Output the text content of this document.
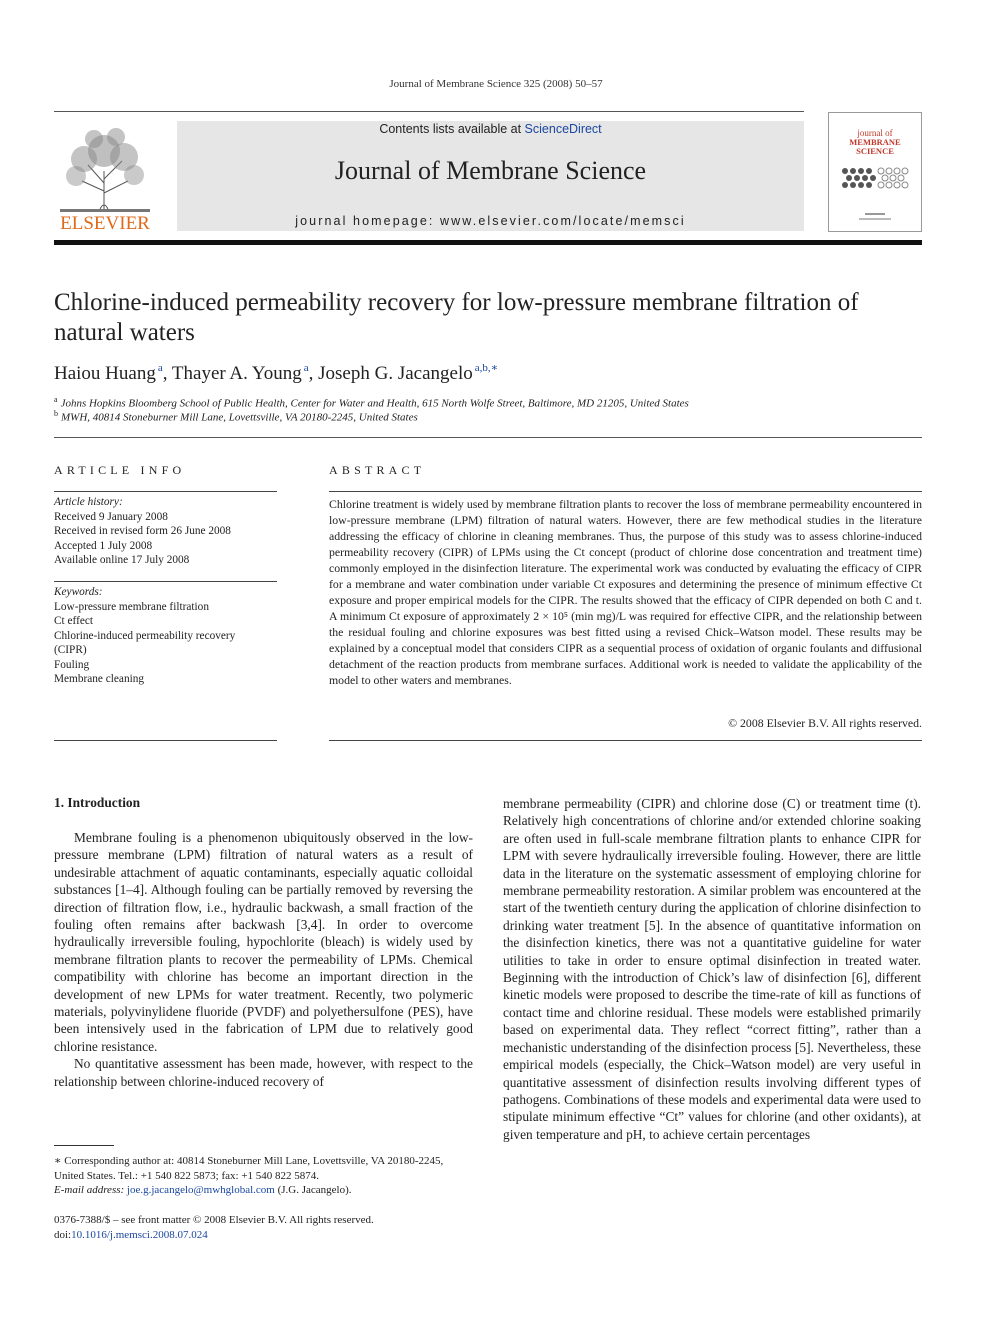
Journal of Membrane Science 325 (2008) 50–57
ELSEVIER
Contents lists available at ScienceDirect
Journal of Membrane Science
journal homepage: www.elsevier.com/locate/memsci
journal of
MEMBRANE
SCIENCE
Chlorine-induced permeability recovery for low-pressure membrane filtration of natural waters
Haiou Huang $^a$, Thayer A. Young $^a$, Joseph G. Jacangelo $^{a,b,∗}$
$^a$ Johns Hopkins Bloomberg School of Public Health, Center for Water and Health, 615 North Wolfe Street, Baltimore, MD 21205, United States
$^b$ MWH, 40814 Stoneburner Mill Lane, Lovettsville, VA 20180-2245, United States
ARTICLE INFO
Article history:
Received 9 January 2008
Received in revised form 26 June 2008
Accepted 1 July 2008
Available online 17 July 2008
Keywords:
Low-pressure membrane filtration
Ct effect
Chlorine-induced permeability recovery
(CIPR)
Fouling
Membrane cleaning
ABSTRACT
Chlorine treatment is widely used by membrane filtration plants to recover the loss of membrane permeability encountered in low-pressure membrane (LPM) filtration of natural waters. However, there are few methodical studies in the literature addressing the efficacy of chlorine in cleaning membranes. Thus, the purpose of this study was to assess chlorine-induced permeability recovery (CIPR) of LPMs using the Ct concept (product of chlorine dose concentration and treatment time) commonly employed in the disinfection literature. The experimental work was conducted by evaluating the efficacy of CIPR for a membrane and water combination under variable Ct exposures and determining the presence of minimum effective Ct exposure and proper empirical models for the CIPR. The results showed that the efficacy of CIPR depended on both C and t. A minimum Ct exposure of approximately 2 × 10⁵ (min mg)/L was required for effective CIPR, and the relationship between the residual fouling and chlorine exposures was best fitted using a revised Chick–Watson model. These results may be explained by a conceptual model that considers CIPR as a sequential process of oxidation of organic foulants and diffusional detachment of the reaction products from membrane surfaces. Additional work is needed to validate the applicability of the model to other waters and membranes.
© 2008 Elsevier B.V. All rights reserved.
1. Introduction

Membrane fouling is a phenomenon ubiquitously observed in the low-pressure membrane (LPM) filtration of natural waters as a result of undesirable attachment of aquatic contaminants, especially aquatic colloidal substances [1–4]. Although fouling can be partially removed by reversing the direction of filtration flow, i.e., hydraulic backwash, a small fraction of the fouling often remains after backwash [3,4]. In order to overcome hydraulically irreversible fouling, hypochlorite (bleach) is widely used by membrane filtration plants to recover the permeability of LPMs. Chemical compatibility with chlorine has become an important direction in the development of new LPMs for water treatment. Recently, two polymeric materials, polyvinylidene fluoride (PVDF) and polyethersulfone (PES), have been intensively used in the fabrication of LPM due to relatively good chlorine resistance.

No quantitative assessment has been made, however, with respect to the relationship between chlorine-induced recovery of

membrane permeability (CIPR) and chlorine dose (C) or treatment time (t). Relatively high concentrations of chlorine and/or extended chlorine soaking are often used in full-scale membrane filtration plants to enhance CIPR for LPM with severe hydraulically irreversible fouling. However, there are little data in the literature on the systematic assessment of employing chlorine for membrane permeability restoration. A similar problem was encountered at the start of the twentieth century during the application of chlorine disinfection to drinking water treatment [5]. In the absence of quantitative information on the disinfection kinetics, there was not a quantitative guideline for water utilities to take in order to ensure optimal disinfection in treated water. Beginning with the introduction of Chick’s law of disinfection [6], different kinetic models were proposed to describe the time-rate of kill as functions of contact time and chlorine residual. These models were established primarily based on experimental data. They reflect “correct fitting”, rather than a mechanistic understanding of the disinfection process [5]. Nevertheless, these empirical models (especially, the Chick–Watson model) are very useful in quantitative assessment of disinfection results involving different types of pathogens. Combinations of these models and experimental data were used to stipulate minimum effective “Ct” values for chlorine (and other oxidants), at given temperature and pH, to achieve certain percentages

∗ Corresponding author at: 40814 Stoneburner Mill Lane, Lovettsville, VA 20180-2245, United States. Tel.: +1 540 822 5873; fax: +1 540 822 5874.
E-mail address: joe.g.jacangelo@mwhglobal.com (J.G. Jacangelo).
0376-7388/$ – see front matter © 2008 Elsevier B.V. All rights reserved.
doi:10.1016/j.memsci.2008.07.024
